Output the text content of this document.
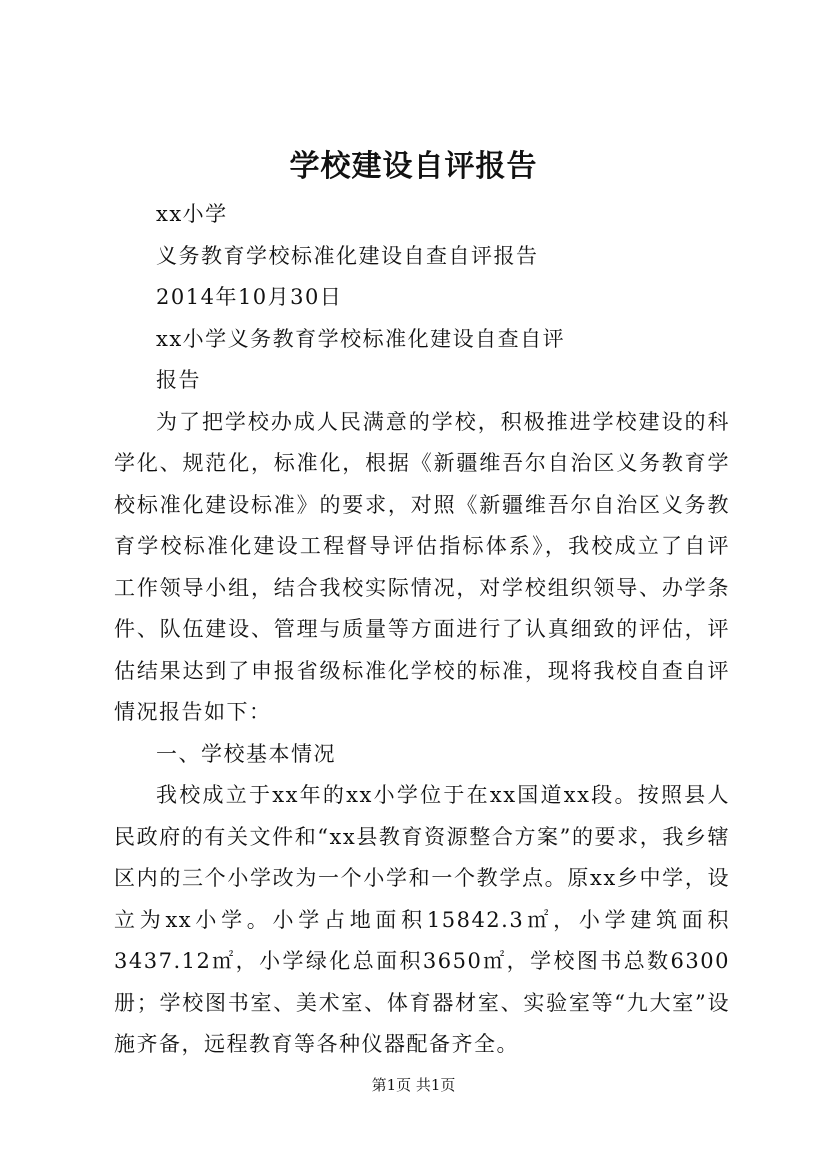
学校建设自评报告

xx小学

义务教育学校标准化建设自查自评报告

2014年10月30日

xx小学义务教育学校标准化建设自查自评

报告

为了把学校办成人民满意的学校，积极推进学校建设的科学化、规范化，标准化，根据《新疆维吾尔自治区义务教育学校标准化建设标准》的要求，对照《新疆维吾尔自治区义务教育学校标准化建设工程督导评估指标体系》，我校成立了自评工作领导小组，结合我校实际情况，对学校组织领导、办学条件、队伍建设、管理与质量等方面进行了认真细致的评估，评估结果达到了申报省级标准化学校的标准，现将我校自查自评情况报告如下：

一、学校基本情况

我校成立于xx年的xx小学位于在xx国道xx段。按照县人民政府的有关文件和“xx县教育资源整合方案”的要求，我乡辖区内的三个小学改为一个小学和一个教学点。原xx乡中学，设立为xx小学。小学占地面积15842.3㎡，小学建筑面积3437.12㎡，小学绿化总面积3650㎡，学校图书总数6300册；学校图书室、美术室、体育器材室、实验室等“九大室”设施齐备，远程教育等各种仪器配备齐全。

第1页 共1页
